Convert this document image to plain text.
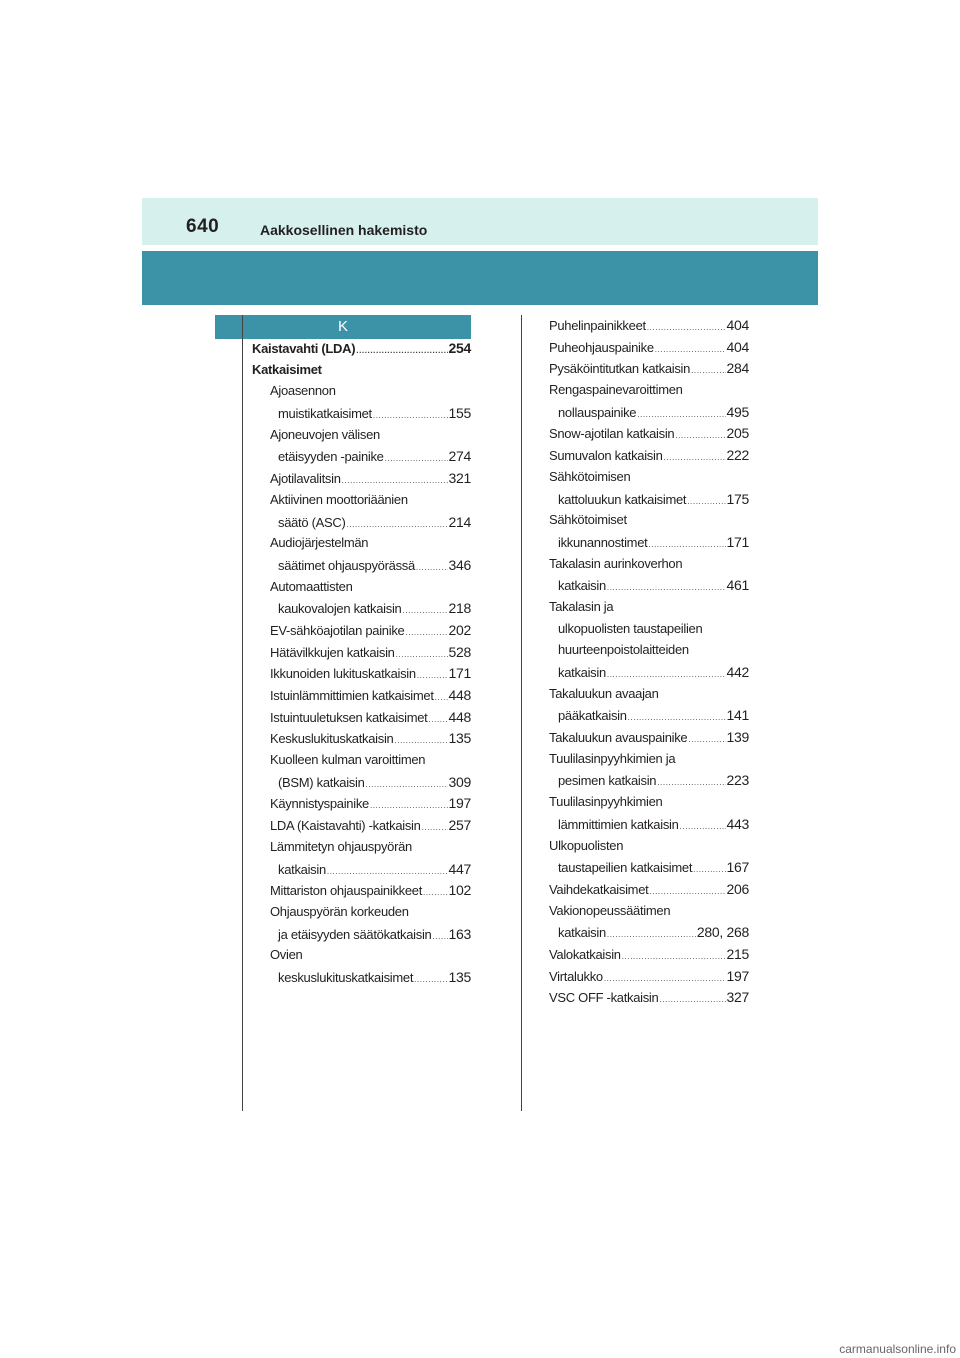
640	Aakkosellinen hakemisto
K
Kaistavahti (LDA) .....	254
Katkaisimet
Ajoasennon
muistikatkaisimet .....	155
Ajoneuvojen välisen
etäisyyden -painike .....	274
Ajotilavalitsin .....	321
Aktiivinen moottoriäänien
säätö (ASC) .....	214
Audiojärjestelmän
säätimet ohjauspyörässä ..... 346
Automaattisten
kaukovalojen katkaisin .....	218
EV-sähköajotilan painike .....	202
Hätävilkkujen katkaisin .....	528
Ikkunoiden lukituskatkaisin ..... 171
Istuinlämmittimien katkaisimet ..... 448
Istuintuuletuksen katkaisimet ..... 448
Keskuslukituskatkaisin .....	135
Kuolleen kulman varoittimen
(BSM) katkaisin .....	309
Käynnistyspainike .....	197
LDA (Kaistavahti) -katkaisin ..... 257
Lämmitetyn ohjauspyörän
katkaisin .....	447
Mittariston ohjauspainikkeet ..... 102
Ohjauspyörän korkeuden
ja etäisyyden säätökatkaisin ..... 163
Ovien
keskuslukituskatkaisimet .....	135
Puhelinpainikkeet .....	404
Puheohjauspainike .....	404
Pysäköintitutkan katkaisin .....	284
Rengaspainevaroittimen
nollauspainike .....	495
Snow-ajotilan katkaisin .....	205
Sumuvalon katkaisin .....	222
Sähkötoimisen
kattoluukun katkaisimet .....	175
Sähkötoimiset
ikkunannostimet .....	171
Takalasin aurinkoverhon
katkaisin .....	461
Takalasin ja
ulkopuolisten taustapeilien
huurteenpoistolaitteiden
katkaisin .....	442
Takaluukun avaajan
pääkatkaisin .....	141
Takaluukun avauspainike .....	139
Tuulilasinpyyhkimien ja
pesimen katkaisin .....	223
Tuulilasinpyyhkimien
lämmittimien katkaisin .....	443
Ulkopuolisten
taustapeilien katkaisimet ..... 167
Vaihdekatkaisimet .....	206
Vakionopeussäätimen
katkaisin .....	280, 268
Valokatkaisin .....	215
Virtalukko .....	197
VSC OFF -katkaisin .....	327
carmanualsonline.info
